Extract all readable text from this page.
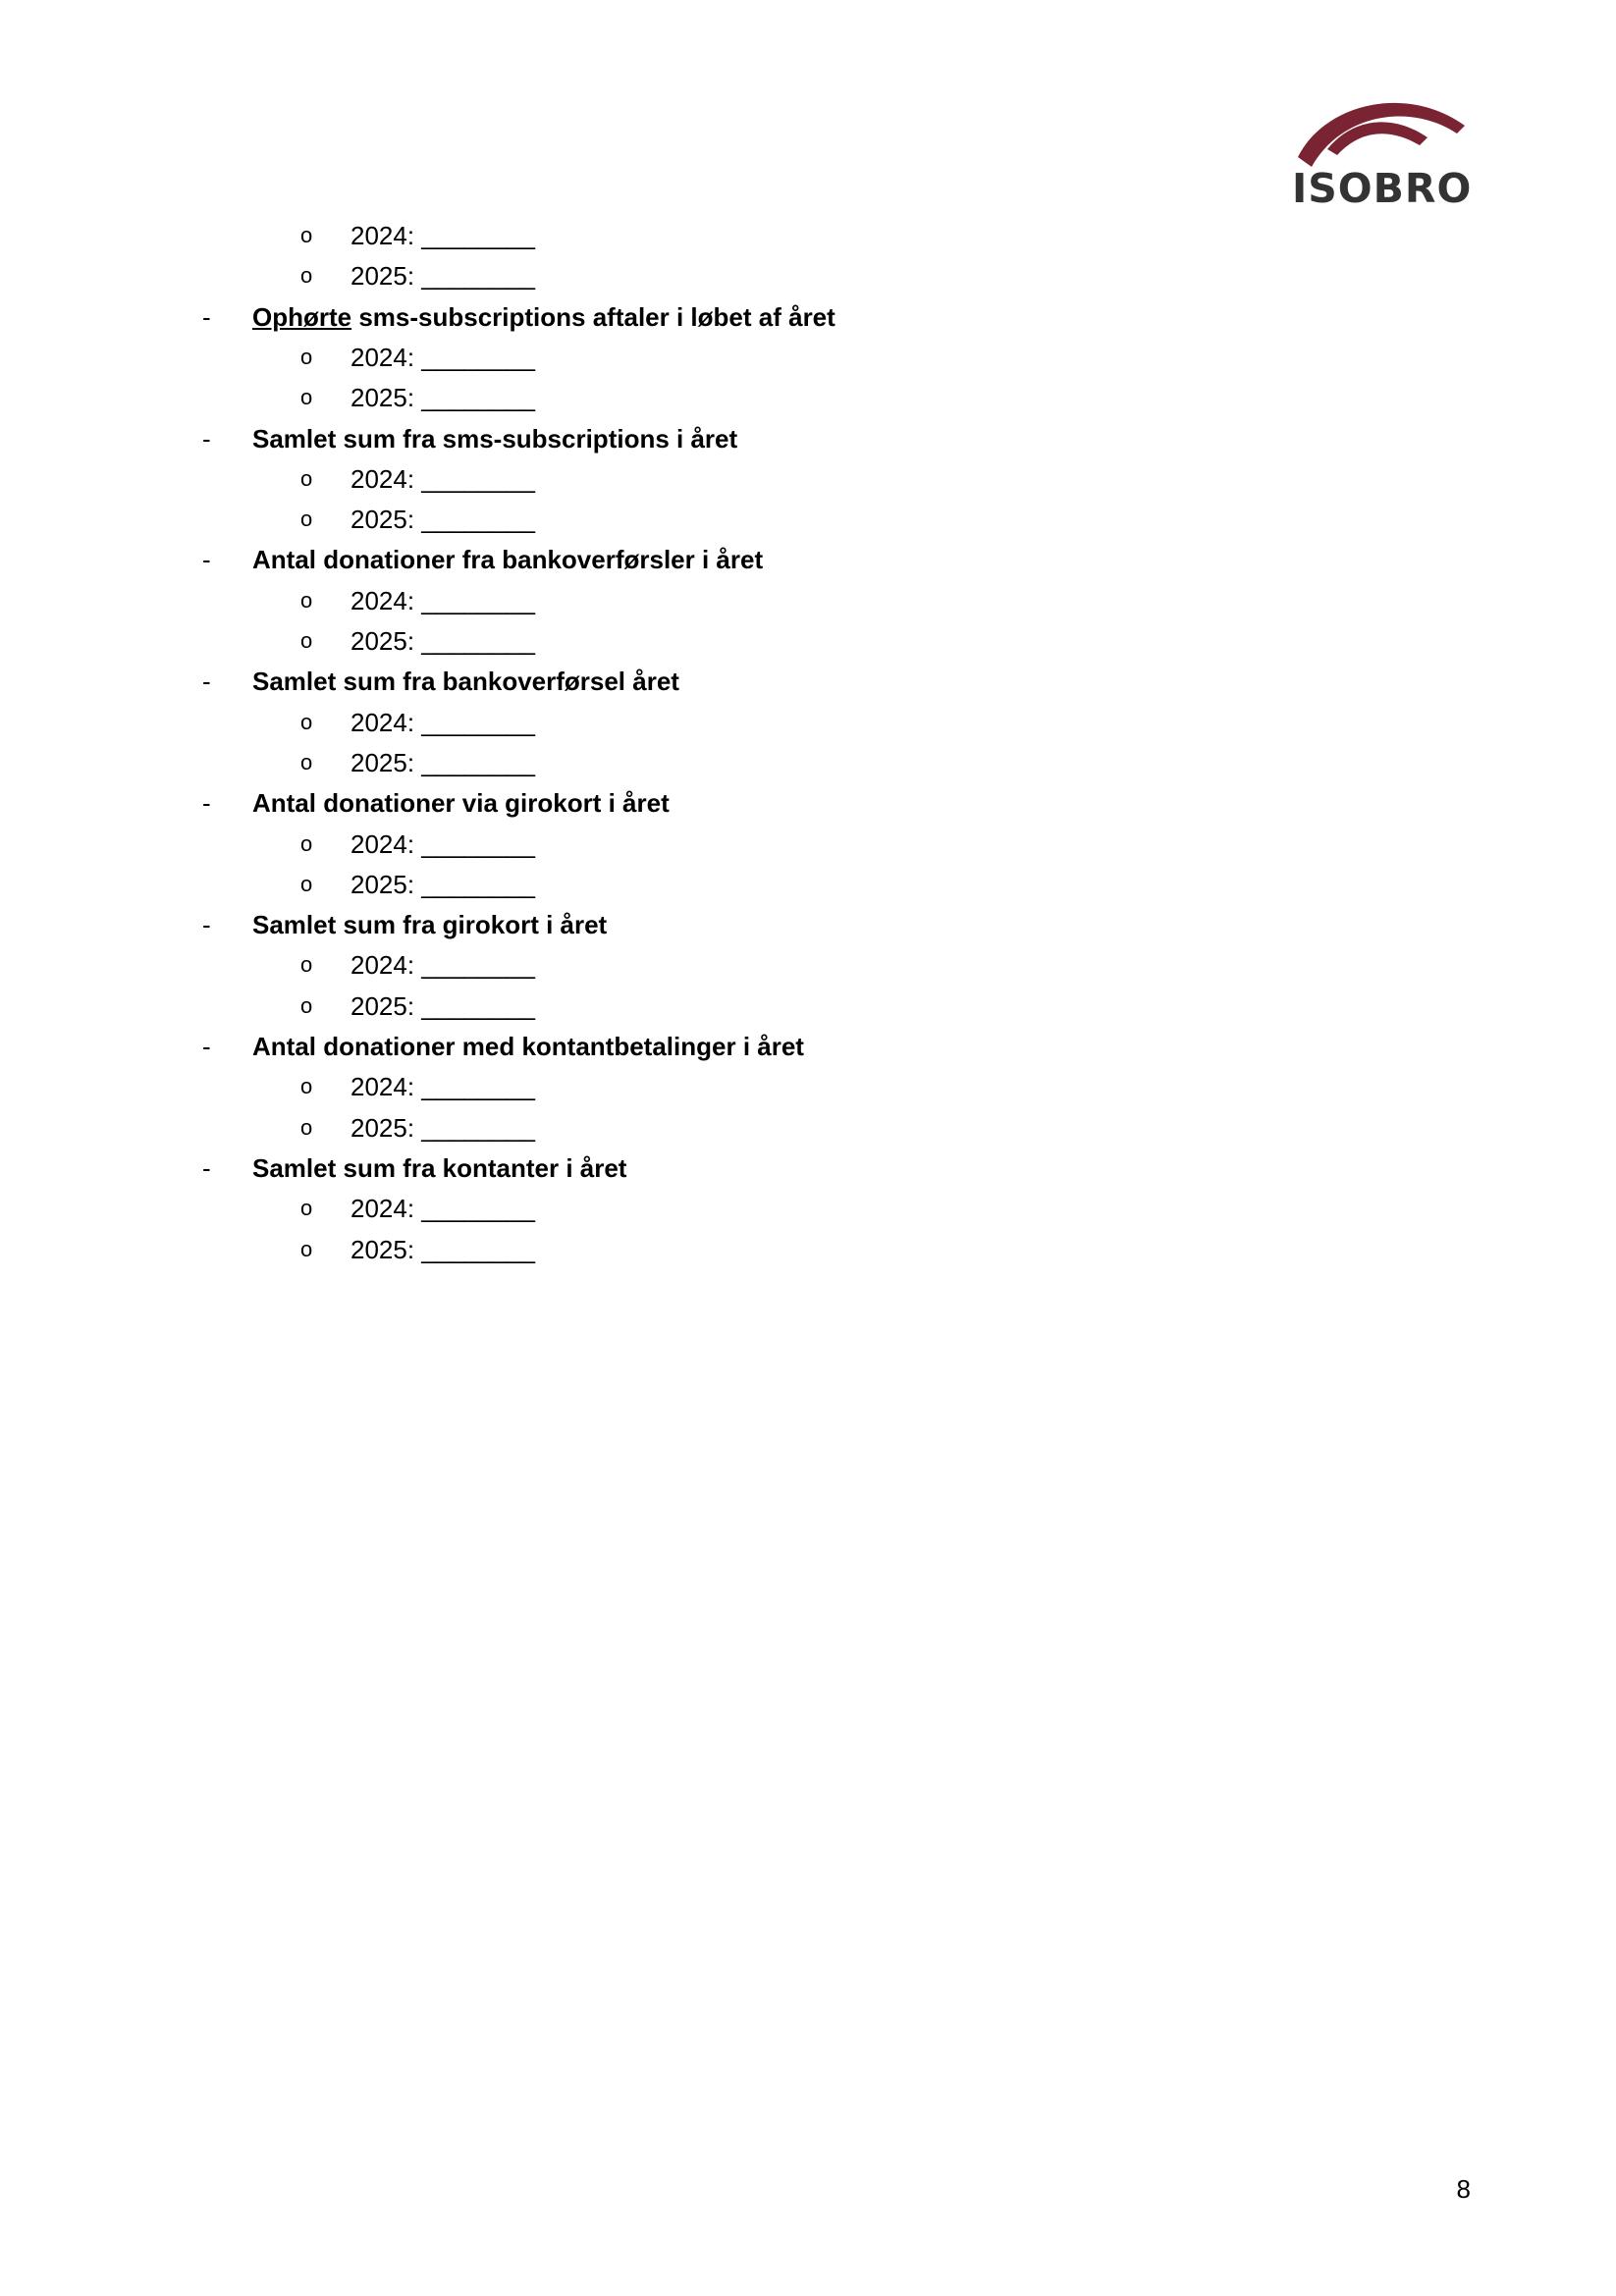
ISOBRO
o 2024: ________
o 2025: ________
- Ophørte sms-subscriptions aftaler i løbet af året
o 2024: ________
o 2025: ________
- Samlet sum fra sms-subscriptions i året
o 2024: ________
o 2025: ________
- Antal donationer fra bankoverførsler i året
o 2024: ________
o 2025: ________
- Samlet sum fra bankoverførsel året
o 2024: ________
o 2025: ________
- Antal donationer via girokort i året
o 2024: ________
o 2025: ________
- Samlet sum fra girokort i året
o 2024: ________
o 2025: ________
- Antal donationer med kontantbetalinger i året
o 2024: ________
o 2025: ________
- Samlet sum fra kontanter i året
o 2024: ________
o 2025: ________
8
